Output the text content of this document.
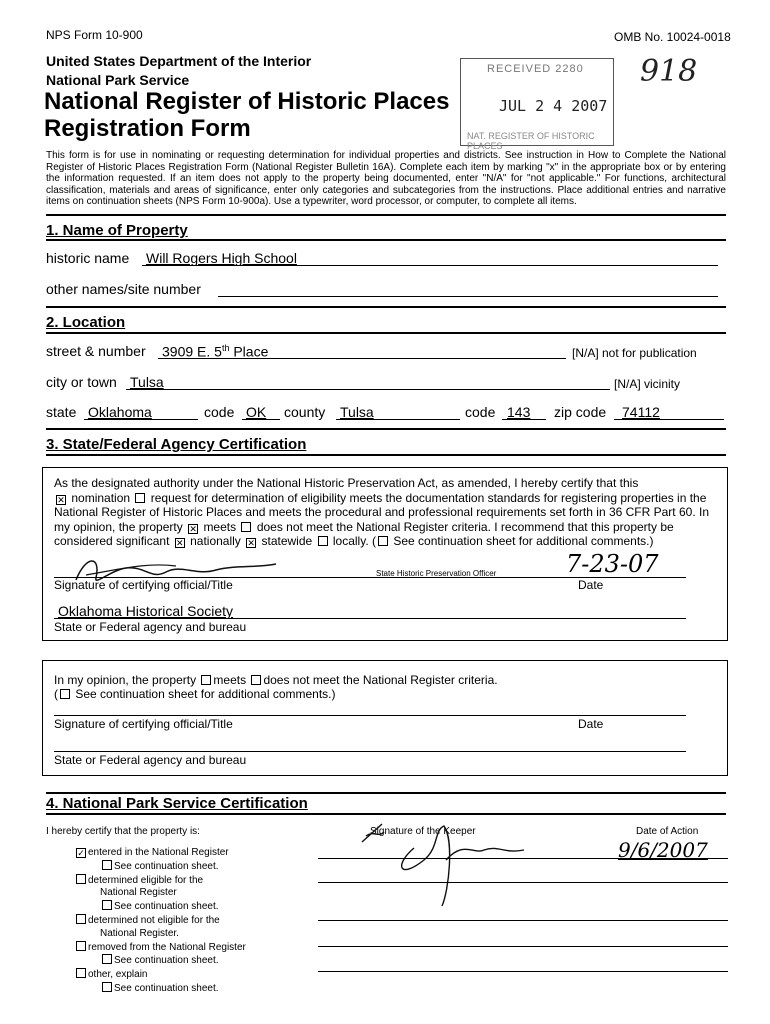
NPS Form 10-900	OMB No. 10024-0018
United States Department of the Interior
National Park Service
National Register of Historic Places
Registration Form
RECEIVED 2280
JUL 2 4 2007
NAT. REGISTER OF HISTORIC PLACES
918
This form is for use in nominating or requesting determination for individual properties and districts. See instruction in How to Complete the National Register of Historic Places Registration Form (National Register Bulletin 16A). Complete each item by marking "x" in the appropriate box or by entering the information requested. If an item does not apply to the property being documented, enter "N/A" for "not applicable." For functions, architectural classification, materials and areas of significance, enter only categories and subcategories from the instructions. Place additional entries and narrative items on continuation sheets (NPS Form 10-900a). Use a typewriter, word processor, or computer, to complete all items.
1. Name of Property
historic name Will Rogers High School
other names/site number
2. Location
street & number 3909 E. 5th Place	[N/A] not for publication
city or town Tulsa	[N/A] vicinity
state Oklahoma	code OK county Tulsa	code 143 zip code 74112
3. State/Federal Agency Certification
As the designated authority under the National Historic Preservation Act, as amended, I hereby certify that this
✕ nomination request for determination of eligibility meets the documentation standards for registering properties in the
National Register of Historic Places and meets the procedural and professional requirements set forth in 36 CFR Part 60. In
my opinion, the property ✕ meets does not meet the National Register criteria. I recommend that this property be
considered significant ✕ nationally ✕ statewide locally. ( See continuation sheet for additional comments.)
State Historic Preservation Officer	7-23-07
Signature of certifying official/Title	Date
Oklahoma Historical Society
State or Federal agency and bureau
In my opinion, the property meets does not meet the National Register criteria.
( See continuation sheet for additional comments.)
Signature of certifying official/Title	Date
State or Federal agency and bureau
4. National Park Service Certification
I hereby certify that the property is:	Signature of the Keeper	Date of Action
9/6/2007
✓ entered in the National Register
See continuation sheet.
determined eligible for the
National Register
See continuation sheet.
determined not eligible for the
National Register.
removed from the National Register
See continuation sheet.
other, explain
See continuation sheet.
